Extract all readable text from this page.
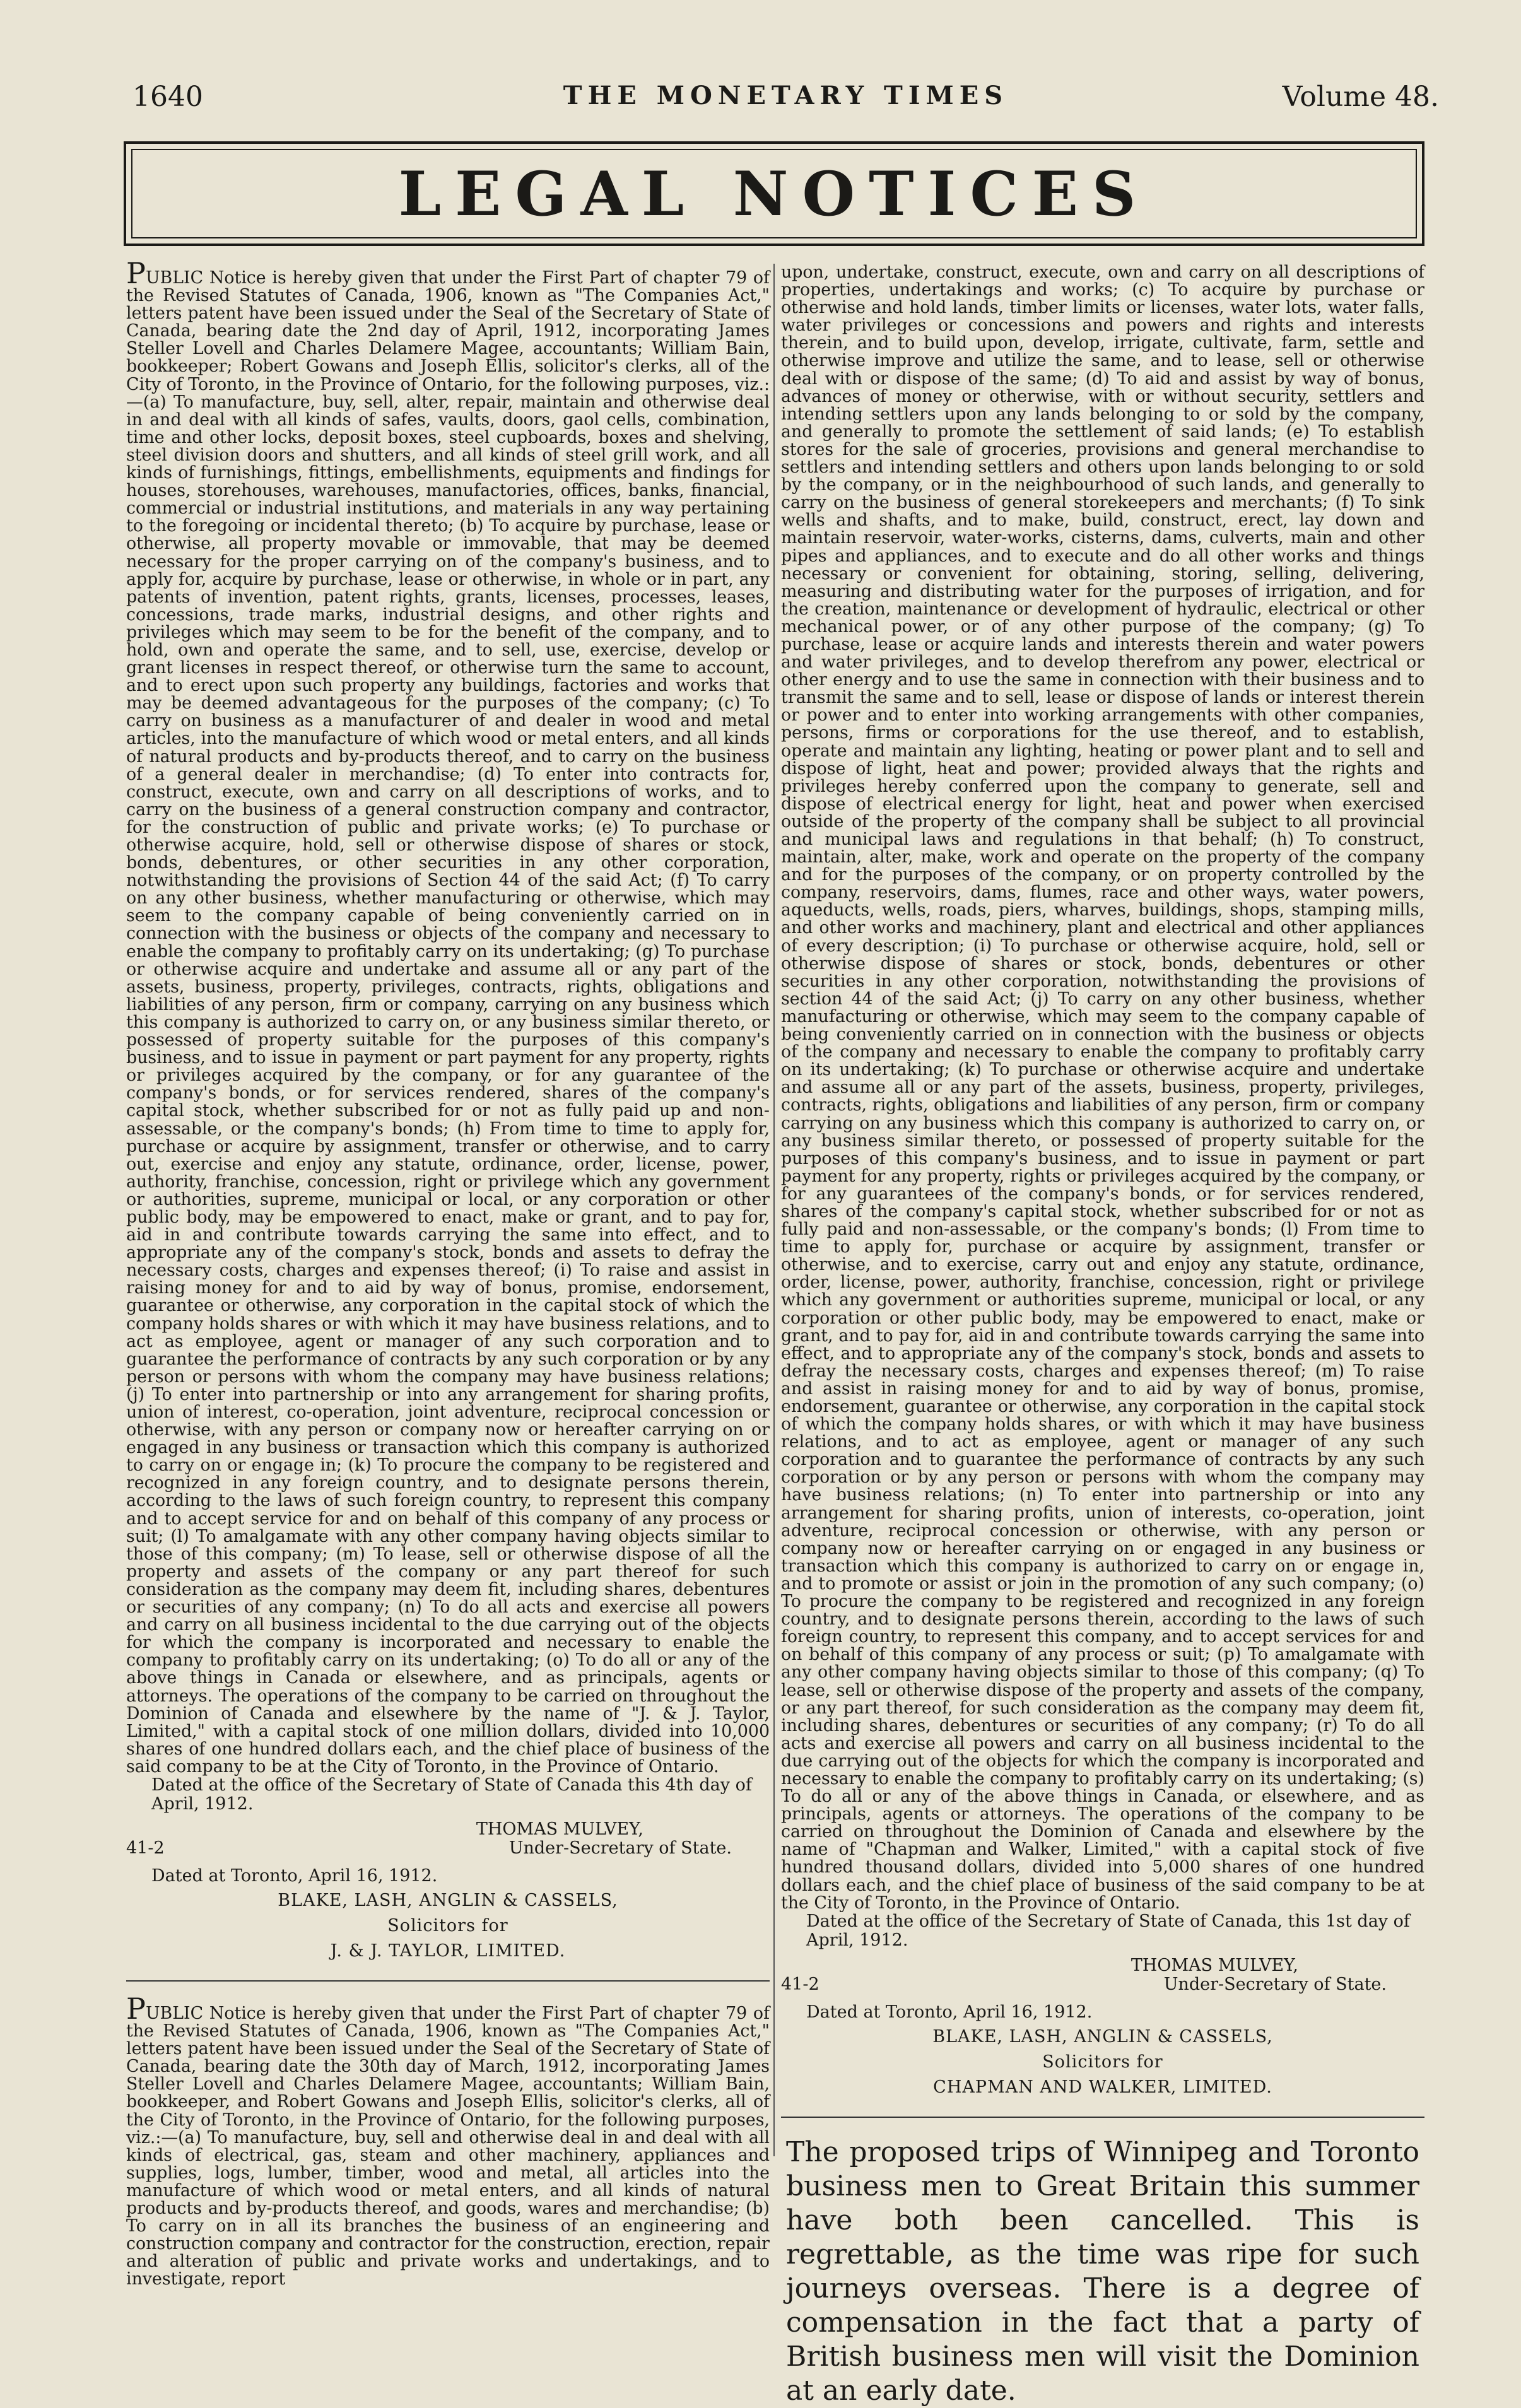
1640	THE MONETARY TIMES	Volume 48.
LEGAL NOTICES

PUBLIC Notice is hereby given that under the First Part of chapter 79 of the Revised Statutes of Canada, 1906, known as "The Companies Act," letters patent have been issued under the Seal of the Secretary of State of Canada, bearing date the 2nd day of April, 1912, incorporating James Steller Lovell and Charles Delamere Magee, accountants; William Bain, bookkeeper; Robert Gowans and Joseph Ellis, solicitor's clerks, all of the City of Toronto, in the Province of Ontario, for the following purposes, viz.:—(a) To manufacture, buy, sell, alter, repair, maintain and otherwise deal in and deal with all kinds of safes, vaults, doors, gaol cells, combination, time and other locks, deposit boxes, steel cupboards, boxes and shelving, steel division doors and shutters, and all kinds of steel grill work, and all kinds of furnishings, fittings, embellishments, equipments and findings for houses, storehouses, warehouses, manufactories, offices, banks, financial, commercial or industrial institutions, and materials in any way pertaining to the foregoing or incidental thereto; (b) To acquire by purchase, lease or otherwise, all property movable or immovable, that may be deemed necessary for the proper carrying on of the company's business, and to apply for, acquire by purchase, lease or otherwise, in whole or in part, any patents of invention, patent rights, grants, licenses, processes, leases, concessions, trade marks, industrial designs, and other rights and privileges which may seem to be for the benefit of the company, and to hold, own and operate the same, and to sell, use, exercise, develop or grant licenses in respect thereof, or otherwise turn the same to account, and to erect upon such property any buildings, factories and works that may be deemed advantageous for the purposes of the company; (c) To carry on business as a manufacturer of and dealer in wood and metal articles, into the manufacture of which wood or metal enters, and all kinds of natural products and by-products thereof, and to carry on the business of a general dealer in merchandise; (d) To enter into contracts for, construct, execute, own and carry on all descriptions of works, and to carry on the business of a general construction company and contractor, for the construction of public and private works; (e) To purchase or otherwise acquire, hold, sell or otherwise dispose of shares or stock, bonds, debentures, or other securities in any other corporation, notwithstanding the provisions of Section 44 of the said Act; (f) To carry on any other business, whether manufacturing or otherwise, which may seem to the company capable of being conveniently carried on in connection with the business or objects of the company and necessary to enable the company to profitably carry on its undertaking; (g) To purchase or otherwise acquire and undertake and assume all or any part of the assets, business, property, privileges, contracts, rights, obligations and liabilities of any person, firm or company, carrying on any business which this company is authorized to carry on, or any business similar thereto, or possessed of property suitable for the purposes of this company's business, and to issue in payment or part payment for any property, rights or privileges acquired by the company, or for any guarantee of the company's bonds, or for services rendered, shares of the company's capital stock, whether subscribed for or not as fully paid up and non-assessable, or the company's bonds; (h) From time to time to apply for, purchase or acquire by assignment, transfer or otherwise, and to carry out, exercise and enjoy any statute, ordinance, order, license, power, authority, franchise, concession, right or privilege which any government or authorities, supreme, municipal or local, or any corporation or other public body, may be empowered to enact, make or grant, and to pay for, aid in and contribute towards carrying the same into effect, and to appropriate any of the company's stock, bonds and assets to defray the necessary costs, charges and expenses thereof; (i) To raise and assist in raising money for and to aid by way of bonus, promise, endorsement, guarantee or otherwise, any corporation in the capital stock of which the company holds shares or with which it may have business relations, and to act as employee, agent or manager of any such corporation and to guarantee the performance of contracts by any such corporation or by any person or persons with whom the company may have business relations; (j) To enter into partnership or into any arrangement for sharing profits, union of interest, co-operation, joint adventure, reciprocal concession or otherwise, with any person or company now or hereafter carrying on or engaged in any business or transaction which this company is authorized to carry on or engage in; (k) To procure the company to be registered and recognized in any foreign country, and to designate persons therein, according to the laws of such foreign country, to represent this company and to accept service for and on behalf of this company of any process or suit; (l) To amalgamate with any other company having objects similar to those of this company; (m) To lease, sell or otherwise dispose of all the property and assets of the company or any part thereof for such consideration as the company may deem fit, including shares, debentures or securities of any company; (n) To do all acts and exercise all powers and carry on all business incidental to the due carrying out of the objects for which the company is incorporated and necessary to enable the company to profitably carry on its undertaking; (o) To do all or any of the above things in Canada or elsewhere, and as principals, agents or attorneys. The operations of the company to be carried on throughout the Dominion of Canada and elsewhere by the name of "J. & J. Taylor, Limited," with a capital stock of one million dollars, divided into 10,000 shares of one hundred dollars each, and the chief place of business of the said company to be at the City of Toronto, in the Province of Ontario.

Dated at the office of the Secretary of State of Canada this 4th day of April, 1912.

THOMAS MULVEY,

41-2	Under-Secretary of State.

Dated at Toronto, April 16, 1912.

BLAKE, LASH, ANGLIN & CASSELS,

Solicitors for

J. & J. TAYLOR, LIMITED.

PUBLIC Notice is hereby given that under the First Part of chapter 79 of the Revised Statutes of Canada, 1906, known as "The Companies Act," letters patent have been issued under the Seal of the Secretary of State of Canada, bearing date the 30th day of March, 1912, incorporating James Steller Lovell and Charles Delamere Magee, accountants; William Bain, bookkeeper, and Robert Gowans and Joseph Ellis, solicitor's clerks, all of the City of Toronto, in the Province of Ontario, for the following purposes, viz.:—(a) To manufacture, buy, sell and otherwise deal in and deal with all kinds of electrical, gas, steam and other machinery, appliances and supplies, logs, lumber, timber, wood and metal, all articles into the manufacture of which wood or metal enters, and all kinds of natural products and by-products thereof, and goods, wares and merchandise; (b) To carry on in all its branches the business of an engineering and construction company and contractor for the construction, erection, repair and alteration of public and private works and undertakings, and to investigate, report

upon, undertake, construct, execute, own and carry on all descriptions of properties, undertakings and works; (c) To acquire by purchase or otherwise and hold lands, timber limits or licenses, water lots, water falls, water privileges or concessions and powers and rights and interests therein, and to build upon, develop, irrigate, cultivate, farm, settle and otherwise improve and utilize the same, and to lease, sell or otherwise deal with or dispose of the same; (d) To aid and assist by way of bonus, advances of money or otherwise, with or without security, settlers and intending settlers upon any lands belonging to or sold by the company, and generally to promote the settlement of said lands; (e) To establish stores for the sale of groceries, provisions and general merchandise to settlers and intending settlers and others upon lands belonging to or sold by the company, or in the neighbourhood of such lands, and generally to carry on the business of general storekeepers and merchants; (f) To sink wells and shafts, and to make, build, construct, erect, lay down and maintain reservoir, water-works, cisterns, dams, culverts, main and other pipes and appliances, and to execute and do all other works and things necessary or convenient for obtaining, storing, selling, delivering, measuring and distributing water for the purposes of irrigation, and for the creation, maintenance or development of hydraulic, electrical or other mechanical power, or of any other purpose of the company; (g) To purchase, lease or acquire lands and interests therein and water powers and water privileges, and to develop therefrom any power, electrical or other energy and to use the same in connection with their business and to transmit the same and to sell, lease or dispose of lands or interest therein or power and to enter into working arrangements with other companies, persons, firms or corporations for the use thereof, and to establish, operate and maintain any lighting, heating or power plant and to sell and dispose of light, heat and power; provided always that the rights and privileges hereby conferred upon the company to generate, sell and dispose of electrical energy for light, heat and power when exercised outside of the property of the company shall be subject to all provincial and municipal laws and regulations in that behalf; (h) To construct, maintain, alter, make, work and operate on the property of the company and for the purposes of the company, or on property controlled by the company, reservoirs, dams, flumes, race and other ways, water powers, aqueducts, wells, roads, piers, wharves, buildings, shops, stamping mills, and other works and machinery, plant and electrical and other appliances of every description; (i) To purchase or otherwise acquire, hold, sell or otherwise dispose of shares or stock, bonds, debentures or other securities in any other corporation, notwithstanding the provisions of section 44 of the said Act; (j) To carry on any other business, whether manufacturing or otherwise, which may seem to the company capable of being conveniently carried on in connection with the business or objects of the company and necessary to enable the company to profitably carry on its undertaking; (k) To purchase or otherwise acquire and undertake and assume all or any part of the assets, business, property, privileges, contracts, rights, obligations and liabilities of any person, firm or company carrying on any business which this company is authorized to carry on, or any business similar thereto, or possessed of property suitable for the purposes of this company's business, and to issue in payment or part payment for any property, rights or privileges acquired by the company, or for any guarantees of the company's bonds, or for services rendered, shares of the company's capital stock, whether subscribed for or not as fully paid and non-assessable, or the company's bonds; (l) From time to time to apply for, purchase or acquire by assignment, transfer or otherwise, and to exercise, carry out and enjoy any statute, ordinance, order, license, power, authority, franchise, concession, right or privilege which any government or authorities supreme, municipal or local, or any corporation or other public body, may be empowered to enact, make or grant, and to pay for, aid in and contribute towards carrying the same into effect, and to appropriate any of the company's stock, bonds and assets to defray the necessary costs, charges and expenses thereof; (m) To raise and assist in raising money for and to aid by way of bonus, promise, endorsement, guarantee or otherwise, any corporation in the capital stock of which the company holds shares, or with which it may have business relations, and to act as employee, agent or manager of any such corporation and to guarantee the performance of contracts by any such corporation or by any person or persons with whom the company may have business relations; (n) To enter into partnership or into any arrangement for sharing profits, union of interests, co-operation, joint adventure, reciprocal concession or otherwise, with any person or company now or hereafter carrying on or engaged in any business or transaction which this company is authorized to carry on or engage in, and to promote or assist or join in the promotion of any such company; (o) To procure the company to be registered and recognized in any foreign country, and to designate persons therein, according to the laws of such foreign country, to represent this company, and to accept services for and on behalf of this company of any process or suit; (p) To amalgamate with any other company having objects similar to those of this company; (q) To lease, sell or otherwise dispose of the property and assets of the company, or any part thereof, for such consideration as the company may deem fit, including shares, debentures or securities of any company; (r) To do all acts and exercise all powers and carry on all business incidental to the due carrying out of the objects for which the company is incorporated and necessary to enable the company to profitably carry on its undertaking; (s) To do all or any of the above things in Canada, or elsewhere, and as principals, agents or attorneys. The operations of the company to be carried on throughout the Dominion of Canada and elsewhere by the name of "Chapman and Walker, Limited," with a capital stock of five hundred thousand dollars, divided into 5,000 shares of one hundred dollars each, and the chief place of business of the said company to be at the City of Toronto, in the Province of Ontario.

Dated at the office of the Secretary of State of Canada, this 1st day of April, 1912.

THOMAS MULVEY,

41-2	Under-Secretary of State.

Dated at Toronto, April 16, 1912.

BLAKE, LASH, ANGLIN & CASSELS,

Solicitors for

CHAPMAN AND WALKER, LIMITED.

The proposed trips of Winnipeg and Toronto business men to Great Britain this summer have both been cancelled. This is regrettable, as the time was ripe for such journeys overseas. There is a degree of compensation in the fact that a party of British business men will visit the Dominion at an early date.
